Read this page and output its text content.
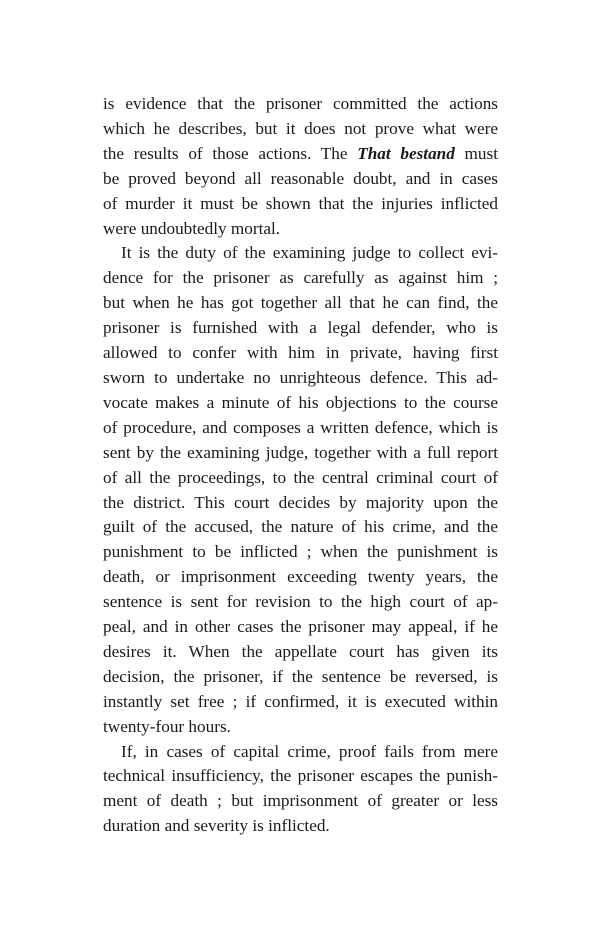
is evidence that the prisoner committed the actions
which he describes, but it does not prove what were
the results of those actions. The That bestand must
be proved beyond all reasonable doubt, and in cases
of murder it must be shown that the injuries inflicted
were undoubtedly mortal.
It is the duty of the examining judge to collect evi-
dence for the prisoner as carefully as against him ;
but when he has got together all that he can find, the
prisoner is furnished with a legal defender, who is
allowed to confer with him in private, having first
sworn to undertake no unrighteous defence. This ad-
vocate makes a minute of his objections to the course
of procedure, and composes a written defence, which is
sent by the examining judge, together with a full report
of all the proceedings, to the central criminal court of
the district. This court decides by majority upon the
guilt of the accused, the nature of his crime, and the
punishment to be inflicted ; when the punishment is
death, or imprisonment exceeding twenty years, the
sentence is sent for revision to the high court of ap-
peal, and in other cases the prisoner may appeal, if he
desires it. When the appellate court has given its
decision, the prisoner, if the sentence be reversed, is
instantly set free ; if confirmed, it is executed within
twenty-four hours.
If, in cases of capital crime, proof fails from mere
technical insufficiency, the prisoner escapes the punish-
ment of death ; but imprisonment of greater or less
duration and severity is inflicted.
